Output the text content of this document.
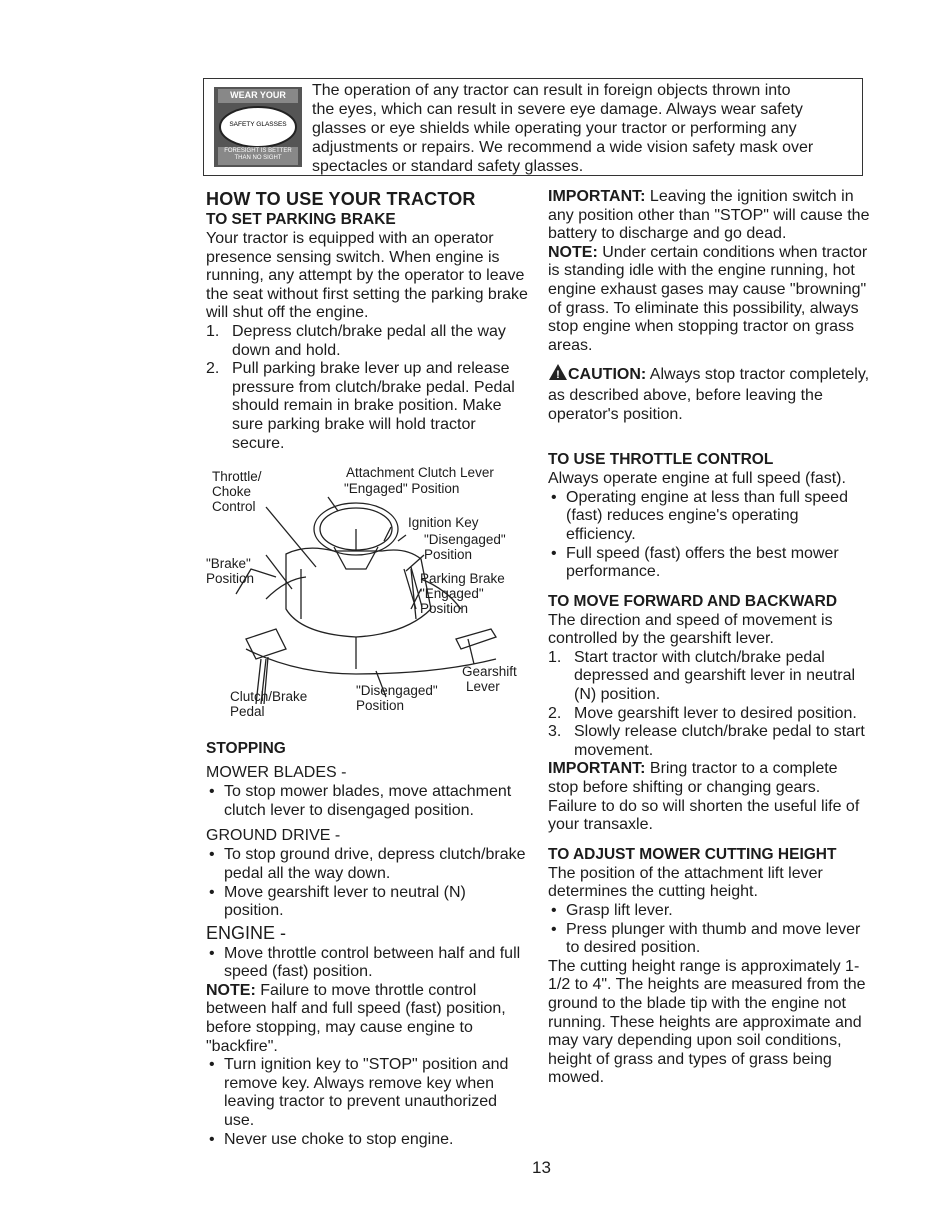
WEAR YOUR
SAFETY GLASSES
FORESIGHT IS BETTER THAN NO SIGHT
The operation of any tractor can result in foreign objects thrown into
the eyes, which can result in severe eye damage. Always wear safety
glasses or eye shields while operating your tractor or performing any
adjustments or repairs. We recommend a wide vision safety mask over
spectacles or standard safety glasses.
HOW TO USE YOUR TRACTOR
TO SET PARKING BRAKE

Your tractor is equipped with an operator presence sensing switch. When engine is running, any attempt by the operator to leave the seat without first setting the parking brake will shut off the engine.

1. Depress clutch/brake pedal all the way down and hold.
2. Pull parking brake lever up and release pressure from clutch/brake pedal. Pedal should remain in brake position. Make sure parking brake will hold tractor secure.
Throttle/
Choke
Control
Attachment Clutch Lever
"Engaged" Position
Ignition Key
"Disengaged"
Position
"Brake"
Position	Parking Brake
"Engaged"
Position
Gearshift
Lever
Clutch/Brake
Pedal
"Disengaged"
Position
STOPPING
MOWER BLADES -
• To stop mower blades, move attachment clutch lever to disengaged position.
GROUND DRIVE -
• To stop ground drive, depress clutch/brake pedal all the way down.
• Move gearshift lever to neutral (N) position.
ENGINE -
• Move throttle control between half and full speed (fast) position.

NOTE: Failure to move throttle control between half and full speed (fast) position, before stopping, may cause engine to "backfire".

• Turn ignition key to "STOP" position and remove key. Always remove key when leaving tractor to prevent unauthorized use.
• Never use choke to stop engine.

IMPORTANT: Leaving the ignition switch in any position other than "STOP" will cause the battery to discharge and go dead.

NOTE: Under certain conditions when tractor is standing idle with the engine running, hot engine exhaust gases may cause "browning" of grass. To eliminate this possibility, always stop engine when stopping tractor on grass areas.

! CAUTION: Always stop tractor completely, as described above, before leaving the operator's position.

TO USE THROTTLE CONTROL

Always operate engine at full speed (fast).

• Operating engine at less than full speed (fast) reduces engine's operating efficiency.
• Full speed (fast) offers the best mower performance.
TO MOVE FORWARD AND BACKWARD

The direction and speed of movement is controlled by the gearshift lever.

1. Start tractor with clutch/brake pedal depressed and gearshift lever in neutral (N) position.
2. Move gearshift lever to desired position.
3. Slowly release clutch/brake pedal to start movement.

IMPORTANT: Bring tractor to a complete stop before shifting or changing gears. Failure to do so will shorten the useful life of your transaxle.

TO ADJUST MOWER CUTTING HEIGHT

The position of the attachment lift lever determines the cutting height.

• Grasp lift lever.
• Press plunger with thumb and move lever to desired position.

The cutting height range is approximately 1-1/2 to 4". The heights are measured from the ground to the blade tip with the engine not running. These heights are approximate and may vary depending upon soil conditions, height of grass and types of grass being mowed.

13
